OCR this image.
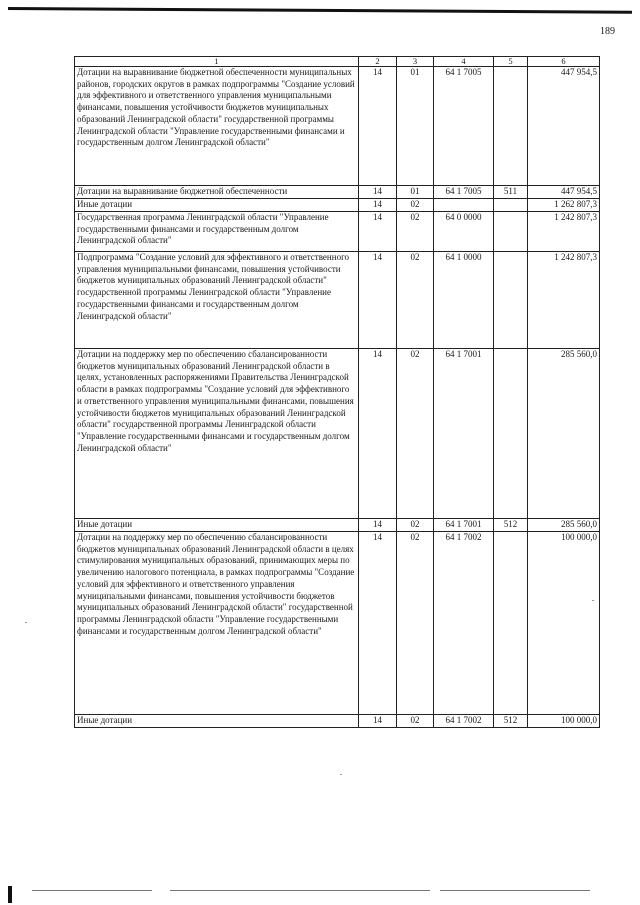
189
1	2	3	4	5	6
Дотации на выравнивание бюджетной обеспеченности муниципальных районов, городских округов в рамках подпрограммы "Создание условий для эффективного и ответственного управления муниципальными финансами, повышения устойчивости бюджетов муниципальных образований Ленинградской области" государственной программы Ленинградской области "Управление государственными финансами и государственным долгом Ленинградской области"	14	01	64 1 7005		447 954,5
Дотации на выравнивание бюджетной обеспеченности	14	01	64 1 7005	511	447 954,5
Иные дотации	14	02			1 262 807,3
Государственная программа Ленинградской области "Управление государственными финансами и государственным долгом Ленинградской области"	14	02	64 0 0000		1 242 807,3
Подпрограмма "Создание условий для эффективного и ответственного управления муниципальными финансами, повышения устойчивости бюджетов муниципальных образований Ленинградской области" государственной программы Ленинградской области "Управление государственными финансами и государственным долгом Ленинградской области"	14	02	64 1 0000		1 242 807,3
Дотации на поддержку мер по обеспечению сбалансированности бюджетов муниципальных образований Ленинградской области в целях, установленных распоряжениями Правительства Ленинградской области в рамках подпрограммы "Создание условий для эффективного и ответственного управления муниципальными финансами, повышения устойчивости бюджетов муниципальных образований Ленинградской области" государственной программы Ленинградской области "Управление государственными финансами и государственным долгом Ленинградской области"	14	02	64 1 7001		285 560,0
Иные дотации	14	02	64 1 7001	512	285 560,0
Дотации на поддержку мер по обеспечению сбалансированности бюджетов муниципальных образований Ленинградской области в целях стимулирования муниципальных образований, принимающих меры по увеличению налогового потенциала, в рамках подпрограммы "Создание условий для эффективного и ответственного управления муниципальными финансами, повышения устойчивости бюджетов муниципальных образований Ленинградской области" государственной программы Ленинградской области "Управление государственными финансами и государственным долгом Ленинградской области"	14	02	64 1 7002		100 000,0
Иные дотации	14	02	64 1 7002	512	100 000,0
